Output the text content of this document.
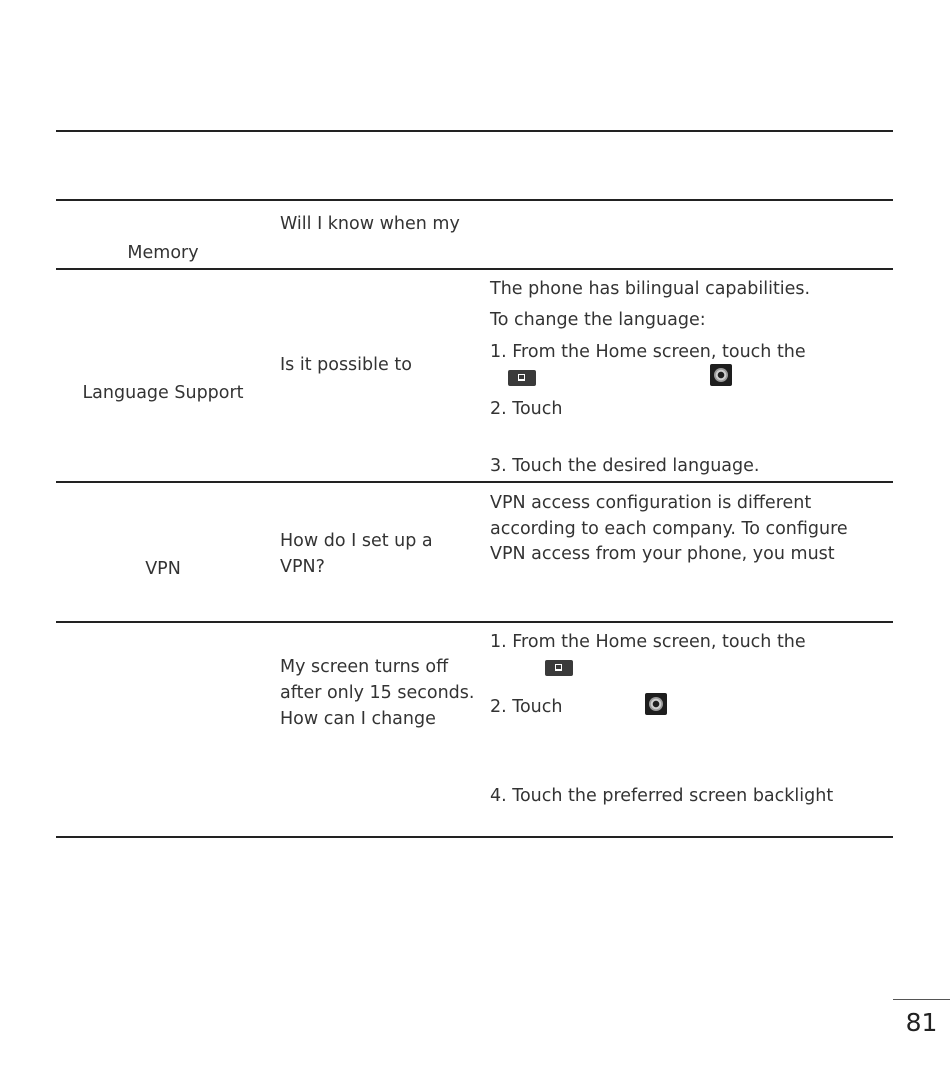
Will I know when my
Memory
Language Support
Is it possible to
The phone has bilingual capabilities.
To change the language:
1. From the Home screen, touch the
2. Touch
3. Touch the desired language.
VPN
How do I set up a
VPN?
VPN access configuration is different
according to each company. To configure
VPN access from your phone, you must
My screen turns off
after only 15 seconds.
How can I change
1. From the Home screen, touch the
2. Touch
4. Touch the preferred screen backlight
81
